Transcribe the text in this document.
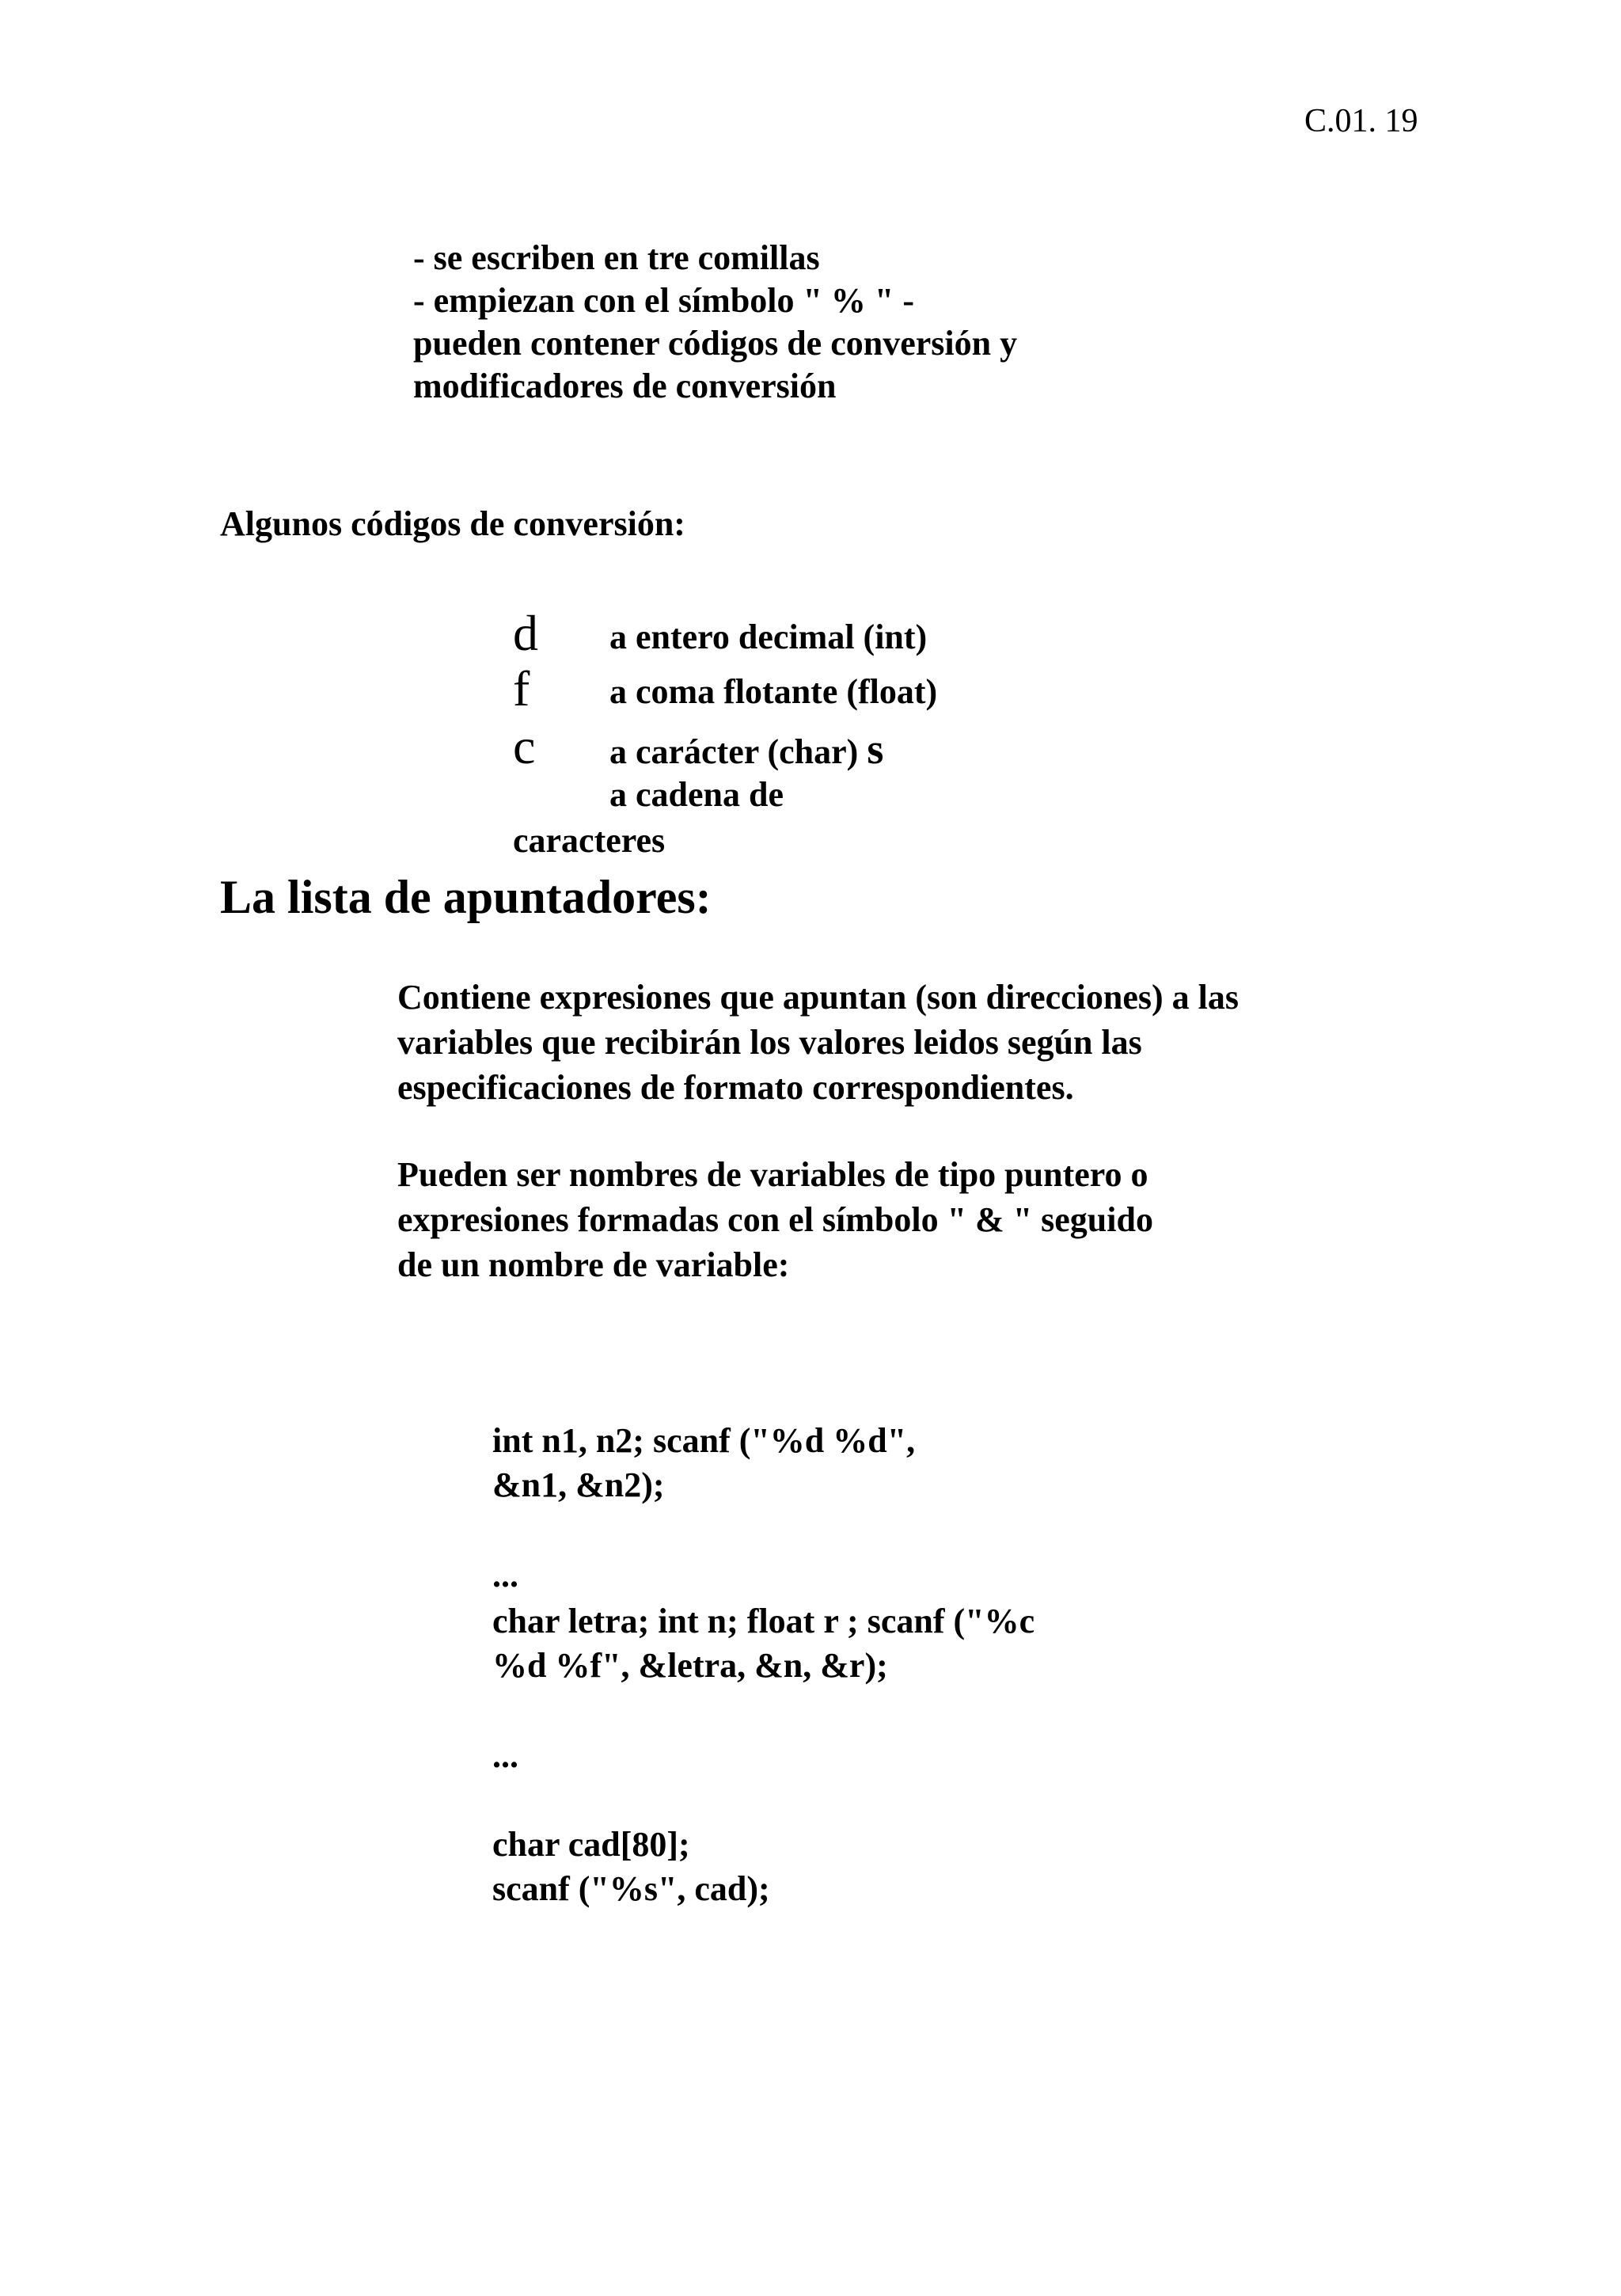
C.01. 19
- se escriben en tre comillas
- empiezan con el símbolo " % " -
pueden contener códigos de conversión y
modificadores de conversión
Algunos códigos de conversión:
d a entero decimal (int)
f a coma flotante (float)
c a carácter (char) s
a cadena de
caracteres
La lista de apuntadores:
Contiene expresiones que apuntan (son direcciones) a las
variables que recibirán los valores leidos según las
especificaciones de formato correspondientes.
Pueden ser nombres de variables de tipo puntero o
expresiones formadas con el símbolo " & " seguido
de un nombre de variable:
int n1, n2; scanf ("%d %d",
&n1, &n2);
...
char letra; int n; float r ; scanf ("%c
%d %f", &letra, &n, &r);
...
char cad[80];
scanf ("%s", cad);
